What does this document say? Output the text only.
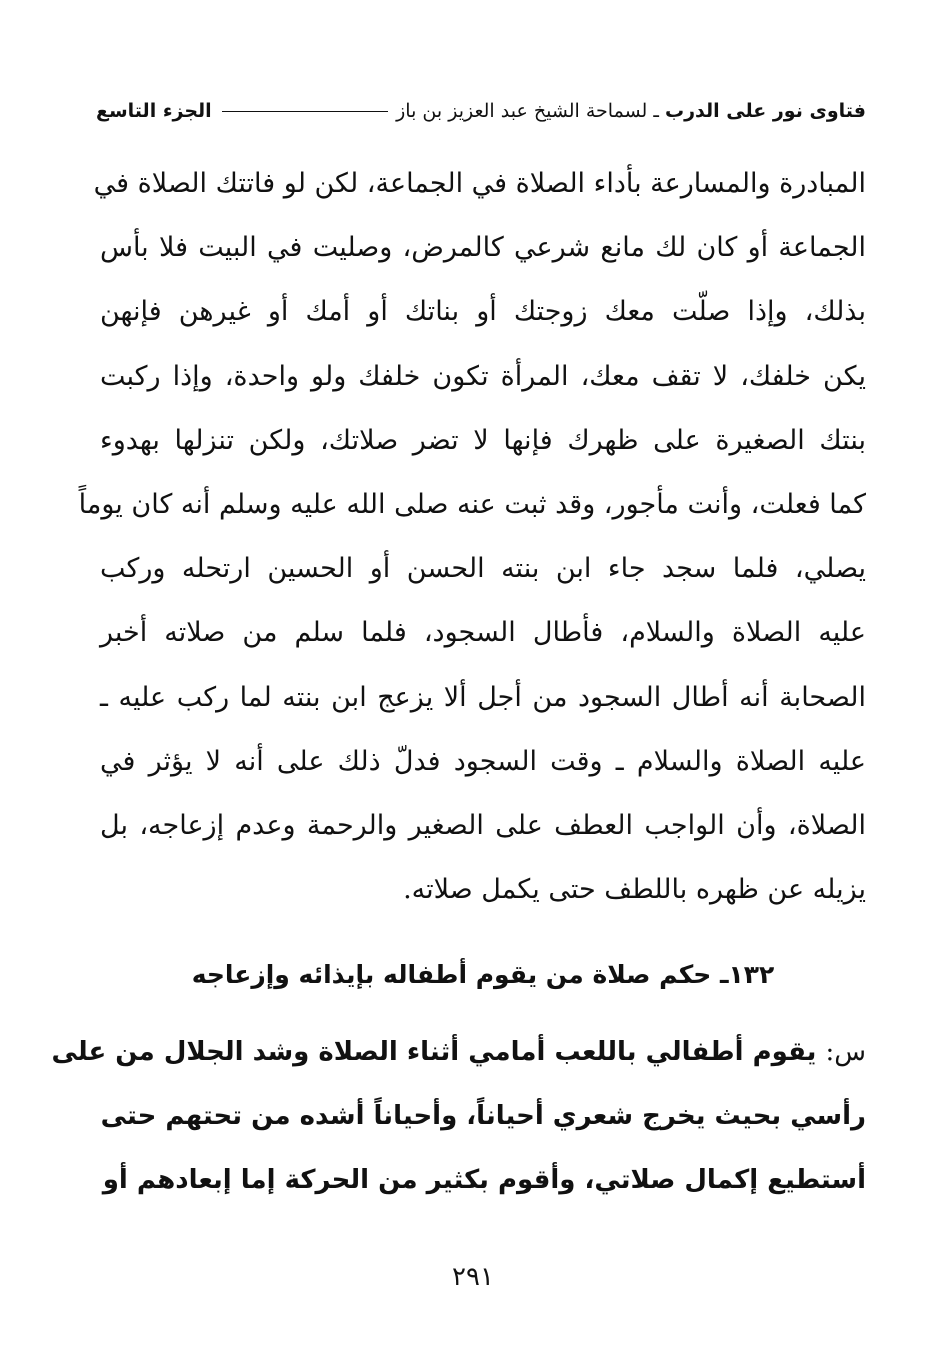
فتاوى نور على الدرب ـ لسماحة الشيخ عبد العزيز بن باز
الجزء التاسع
المبادرة والمسارعة بأداء الصلاة في الجماعة، لكن لو فاتتك الصلاة في
الجماعة أو كان لك مانع شرعي كالمرض، وصليت في البيت فلا بأس
بذلك، وإذا صلّت معك زوجتك أو بناتك أو أمك أو غيرهن فإنهن
يكن خلفك، لا تقف معك، المرأة تكون خلفك ولو واحدة، وإذا ركبت
بنتك الصغيرة على ظهرك فإنها لا تضر صلاتك، ولكن تنزلها بهدوء
كما فعلت، وأنت مأجور، وقد ثبت عنه صلى الله عليه وسلم أنه كان يوماً
يصلي، فلما سجد جاء ابن بنته الحسن أو الحسين ارتحله وركب
عليه الصلاة والسلام، فأطال السجود، فلما سلم من صلاته أخبر
الصحابة أنه أطال السجود من أجل ألا يزعج ابن بنته لما ركب عليه ـ
عليه الصلاة والسلام ـ وقت السجود فدلّ ذلك على أنه لا يؤثر في
الصلاة، وأن الواجب العطف على الصغير والرحمة وعدم إزعاجه، بل
يزيله عن ظهره باللطف حتى يكمل صلاته.
١٣٢ـ حكم صلاة من يقوم أطفاله بإيذائه وإزعاجه
س: يقوم أطفالي باللعب أمامي أثناء الصلاة وشد الجلال من على
رأسي بحيث يخرج شعري أحياناً، وأحياناً أشده من تحتهم حتى
أستطيع إكمال صلاتي، وأقوم بكثير من الحركة إما إبعادهم أو
٢٩١
